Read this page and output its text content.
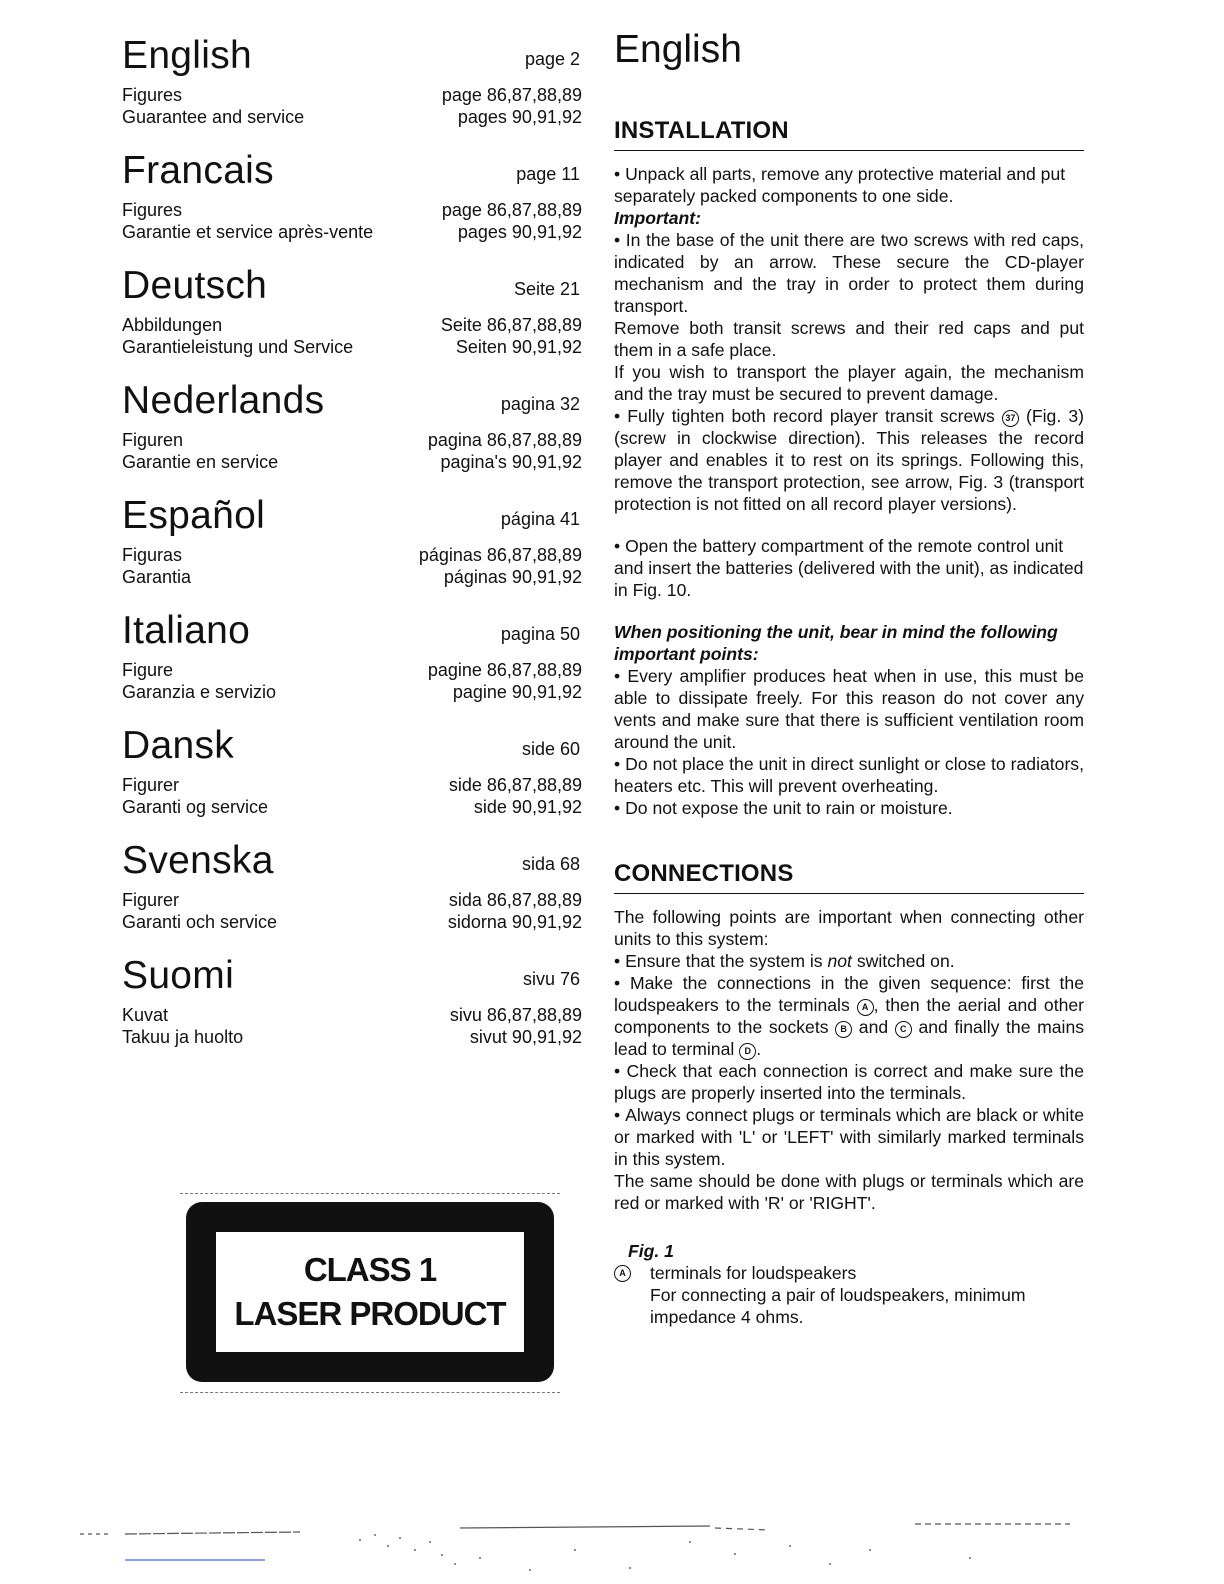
English	page 2
Figures	page 86,87,88,89
Guarantee and service	pages 90,91,92
Francais	page 11
Figures	page 86,87,88,89
Garantie et service après-vente	pages 90,91,92
Deutsch	Seite 21
Abbildungen	Seite 86,87,88,89
Garantieleistung und Service	Seiten 90,91,92
Nederlands	pagina 32
Figuren	pagina 86,87,88,89
Garantie en service	pagina's 90,91,92
Español	página 41
Figuras	páginas 86,87,88,89
Garantia	páginas 90,91,92
Italiano	pagina 50
Figure	pagine 86,87,88,89
Garanzia e servizio	pagine 90,91,92
Dansk	side 60
Figurer	side 86,87,88,89
Garanti og service	side 90,91,92
Svenska	sida 68
Figurer	sida 86,87,88,89
Garanti och service	sidorna 90,91,92
Suomi	sivu 76
Kuvat	sivu 86,87,88,89
Takuu ja huolto	sivut 90,91,92
CLASS 1
LASER PRODUCT
English
INSTALLATION

• Unpack all parts, remove any protective material and put separately packed components to one side.

Important:

• In the base of the unit there are two screws with red caps, indicated by an arrow. These secure the CD-player mechanism and the tray in order to protect them during transport.

Remove both transit screws and their red caps and put them in a safe place.

If you wish to transport the player again, the mechanism and the tray must be secured to prevent damage.

• Fully tighten both record player transit screws 37 (Fig. 3) (screw in clockwise direction). This releases the record player and enables it to rest on its springs. Following this, remove the transport protection, see arrow, Fig. 3 (transport protection is not fitted on all record player versions).

• Open the battery compartment of the remote control unit and insert the batteries (delivered with the unit), as indicated in Fig. 10.

When positioning the unit, bear in mind the following important points:

• Every amplifier produces heat when in use, this must be able to dissipate freely. For this reason do not cover any vents and make sure that there is sufficient ventilation room around the unit.

• Do not place the unit in direct sunlight or close to radiators, heaters etc. This will prevent overheating.

• Do not expose the unit to rain or moisture.

CONNECTIONS

The following points are important when connecting other units to this system:

• Ensure that the system is not switched on.

• Make the connections in the given sequence: first the loudspeakers to the terminals A , then the aerial and other components to the sockets B and C and finally the mains lead to terminal D .

• Check that each connection is correct and make sure the plugs are properly inserted into the terminals.

• Always connect plugs or terminals which are black or white or marked with 'L' or 'LEFT' with similarly marked terminals in this system.

The same should be done with plugs or terminals which are red or marked with 'R' or 'RIGHT'.

Fig. 1

A terminals for loudspeakers
For connecting a pair of loudspeakers, minimum impedance 4 ohms.
